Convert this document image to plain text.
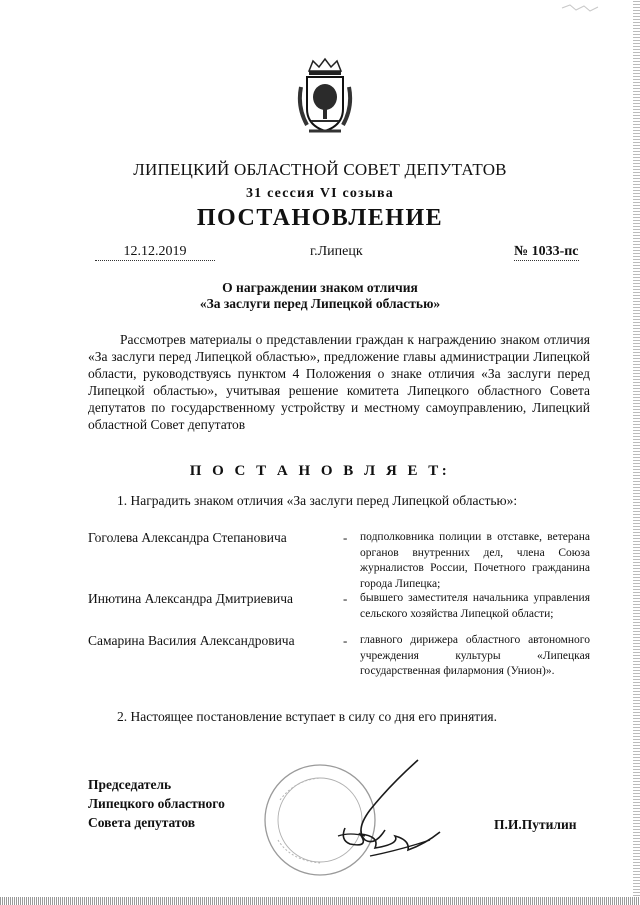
ЛИПЕЦКИЙ ОБЛАСТНОЙ СОВЕТ ДЕПУТАТОВ
31 сессия VI созыва
ПОСТАНОВЛЕНИЕ
12.12.2019	г.Липецк	№ 1033-пс
О награждении знаком отличия
«За заслуги перед Липецкой областью»
Рассмотрев материалы о представлении граждан к награждению знаком отличия «За заслуги перед Липецкой областью», предложение главы администрации Липецкой области, руководствуясь пунктом 4 Положения о знаке отличия «За заслуги перед Липецкой областью», учитывая решение комитета Липецкого областного Совета депутатов по государственному устройству и местному самоуправлению, Липецкий областной Совет депутатов
П О С Т А Н О В Л Я Е Т:
1. Наградить знаком отличия «За заслуги перед Липецкой областью»:
Гоголева Александра Степановича	- подполковника полиции в отставке, ветерана органов внутренних дел, члена Союза журналистов России, Почетного гражданина города Липецка;
Инютина Александра Дмитриевича	- бывшего заместителя начальника управления сельского хозяйства Липецкой области;
Самарина Василия Александровича	- главного дирижера областного автономного учреждения культуры «Липецкая государственная филармония (Унион)».
2. Настоящее постановление вступает в силу со дня его принятия.
Председатель
Липецкого областного
Совета депутатов	П.И.Путилин
